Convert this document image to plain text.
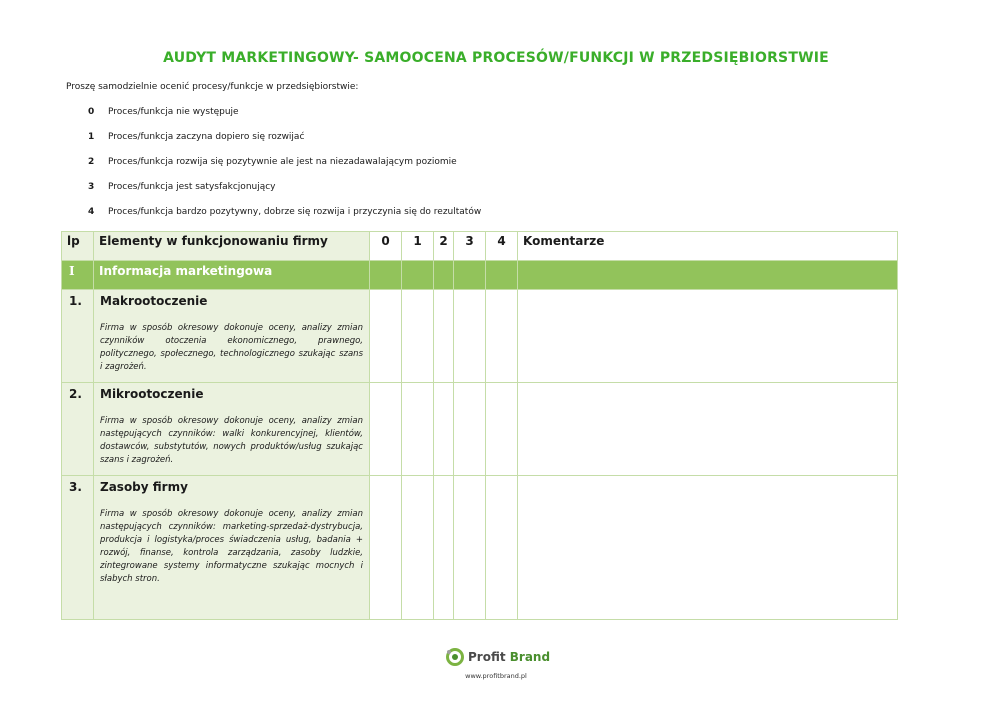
AUDYT MARKETINGOWY- SAMOOCENA PROCESÓW/FUNKCJI W PRZEDSIĘBIORSTWIE
Proszę samodzielnie ocenić procesy/funkcje w przedsiębiorstwie:
0 Proces/funkcja nie występuje
1 Proces/funkcja zaczyna dopiero się rozwijać
2 Proces/funkcja rozwija się pozytywnie ale jest na niezadawalającym poziomie
3 Proces/funkcja jest satysfakcjonujący
4 Proces/funkcja bardzo pozytywny, dobrze się rozwija i przyczynia się do rezultatów
lp	Elementy w funkcjonowaniu firmy	0	1	2	3	4	Komentarze

I	Informacja marketingowa						

1.	Makrootoczenie
Firma w sposób okresowy dokonuje oceny, analizy zmian czynników otoczenia ekonomicznego, prawnego, politycznego, społecznego, technologicznego szukając szans i zagrożeń.						

2.	Mikrootoczenie
Firma w sposób okresowy dokonuje oceny, analizy zmian następujących czynników: walki konkurencyjnej, klientów, dostawców, substytutów, nowych produktów/usług szukając szans i zagrożeń.						

3.	Zasoby firmy
Firma w sposób okresowy dokonuje oceny, analizy zmian następujących czynników: marketing-sprzedaż-dystrybucja, produkcja i logistyka/proces świadczenia usług, badania + rozwój, finanse, kontrola zarządzania, zasoby ludzkie, zintegrowane systemy informatyczne szukając mocnych i słabych stron.						

Profit Brand
www.profitbrand.pl
